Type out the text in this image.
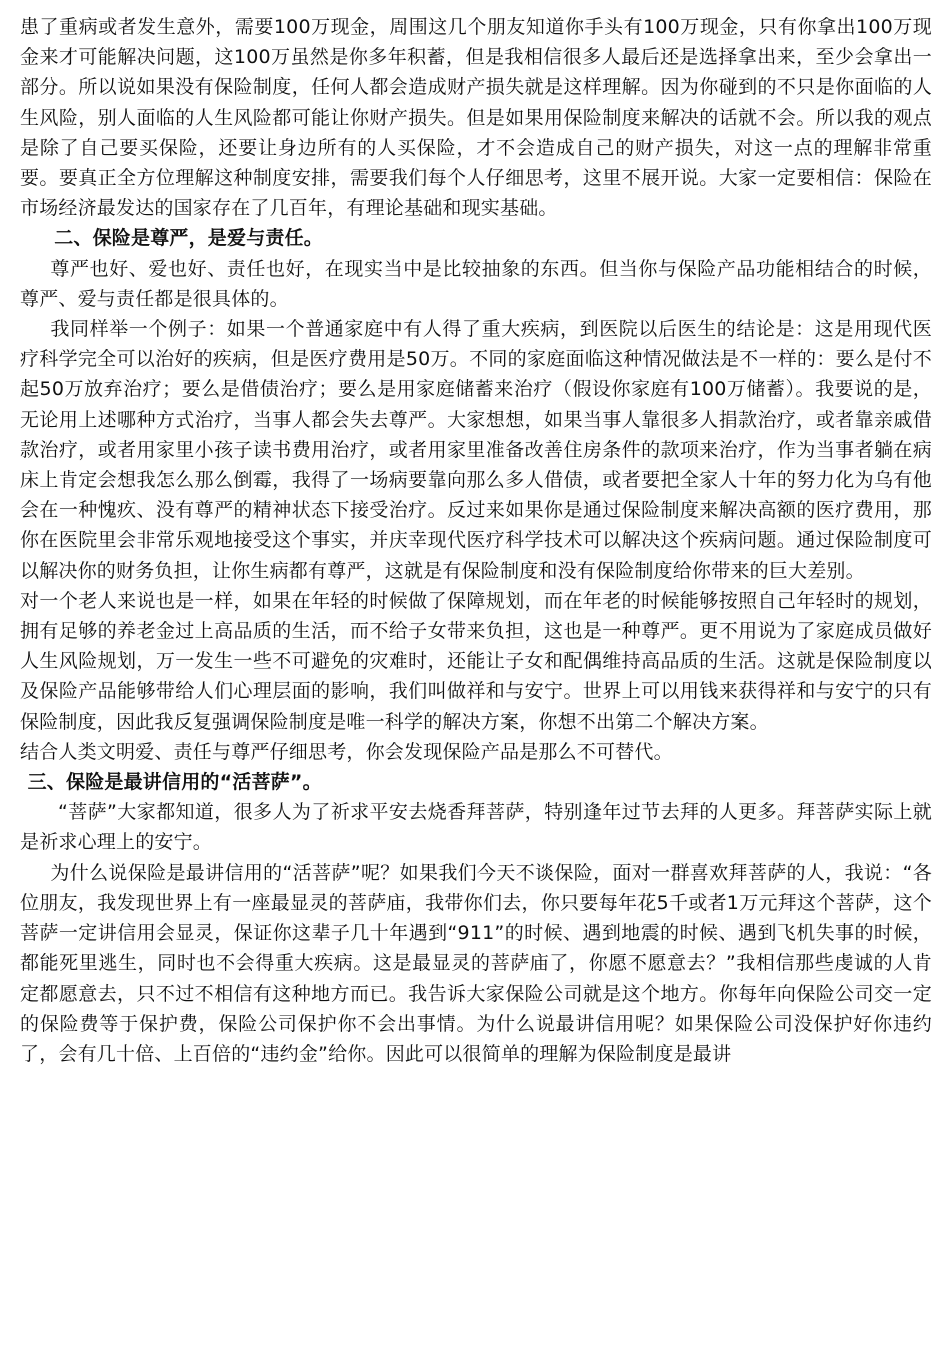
患了重病或者发生意外，需要100万现金，周围这几个朋友知道你手头有100万现金，只有你拿出100万现金来才可能解决问题，这100万虽然是你多年积蓄，但是我相信很多人最后还是选择拿出来，至少会拿出一部分。所以说如果没有保险制度，任何人都会造成财产损失就是这样理解。因为你碰到的不只是你面临的人生风险，别人面临的人生风险都可能让你财产损失。但是如果用保险制度来解决的话就不会。所以我的观点是除了自己要买保险，还要让身边所有的人买保险，才不会造成自己的财产损失，对这一点的理解非常重要。要真正全方位理解这种制度安排，需要我们每个人仔细思考，这里不展开说。大家一定要相信：保险在市场经济最发达的国家存在了几百年，有理论基础和现实基础。

二、保险是尊严，是爱与责任。

尊严也好、爱也好、责任也好，在现实当中是比较抽象的东西。但当你与保险产品功能相结合的时候，尊严、爱与责任都是很具体的。

我同样举一个例子：如果一个普通家庭中有人得了重大疾病，到医院以后医生的结论是：这是用现代医疗科学完全可以治好的疾病，但是医疗费用是50万。不同的家庭面临这种情况做法是不一样的：要么是付不起50万放弃治疗；要么是借债治疗；要么是用家庭储蓄来治疗（假设你家庭有100万储蓄）。我要说的是，无论用上述哪种方式治疗，当事人都会失去尊严。大家想想，如果当事人靠很多人捐款治疗，或者靠亲戚借款治疗，或者用家里小孩子读书费用治疗，或者用家里准备改善住房条件的款项来治疗，作为当事者躺在病床上肯定会想我怎么那么倒霉，我得了一场病要靠向那么多人借债，或者要把全家人十年的努力化为乌有他会在一种愧疚、没有尊严的精神状态下接受治疗。反过来如果你是通过保险制度来解决高额的医疗费用，那你在医院里会非常乐观地接受这个事实，并庆幸现代医疗科学技术可以解决这个疾病问题。通过保险制度可以解决你的财务负担，让你生病都有尊严，这就是有保险制度和没有保险制度给你带来的巨大差别。

对一个老人来说也是一样，如果在年轻的时候做了保障规划，而在年老的时候能够按照自己年轻时的规划，拥有足够的养老金过上高品质的生活，而不给子女带来负担，这也是一种尊严。更不用说为了家庭成员做好人生风险规划，万一发生一些不可避免的灾难时，还能让子女和配偶维持高品质的生活。这就是保险制度以及保险产品能够带给人们心理层面的影响，我们叫做祥和与安宁。世界上可以用钱来获得祥和与安宁的只有保险制度，因此我反复强调保险制度是唯一科学的解决方案，你想不出第二个解决方案。

结合人类文明爱、责任与尊严仔细思考，你会发现保险产品是那么不可替代。

三、保险是最讲信用的“活菩萨”。

“菩萨”大家都知道，很多人为了祈求平安去烧香拜菩萨，特别逢年过节去拜的人更多。拜菩萨实际上就是祈求心理上的安宁。

为什么说保险是最讲信用的“活菩萨”呢？如果我们今天不谈保险，面对一群喜欢拜菩萨的人，我说：“各位朋友，我发现世界上有一座最显灵的菩萨庙，我带你们去，你只要每年花5千或者1万元拜这个菩萨，这个菩萨一定讲信用会显灵，保证你这辈子几十年遇到“911”的时候、遇到地震的时候、遇到飞机失事的时候，都能死里逃生，同时也不会得重大疾病。这是最显灵的菩萨庙了，你愿不愿意去？”我相信那些虔诚的人肯定都愿意去，只不过不相信有这种地方而已。我告诉大家保险公司就是这个地方。你每年向保险公司交一定的保险费等于保护费，保险公司保护你不会出事情。为什么说最讲信用呢？如果保险公司没保护好你违约了，会有几十倍、上百倍的“违约金”给你。因此可以很简单的理解为保险制度是最讲
